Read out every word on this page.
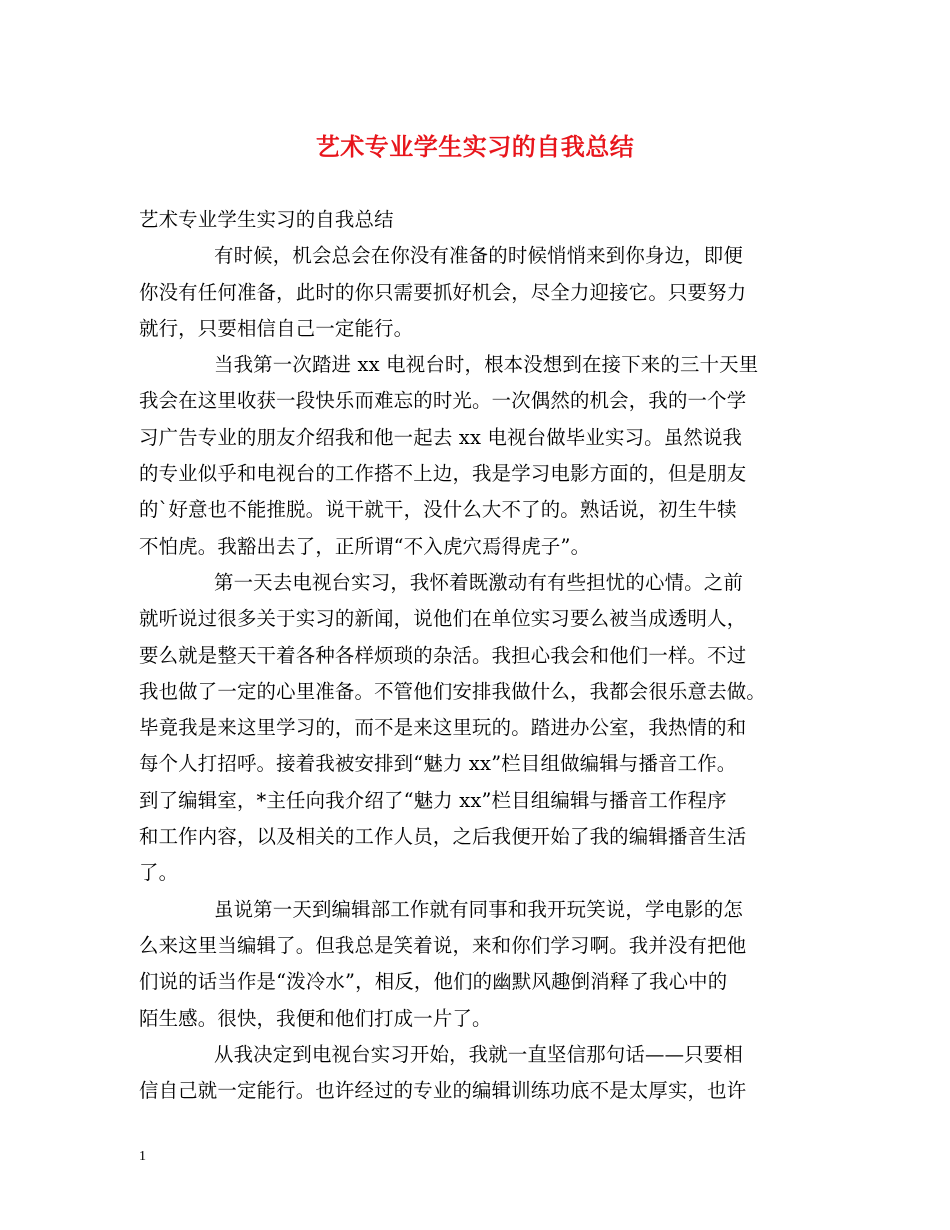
艺术专业学生实习的自我总结
艺术专业学生实习的自我总结
有时候，机会总会在你没有准备的时候悄悄来到你身边，即便
你没有任何准备，此时的你只需要抓好机会，尽全力迎接它。只要努力
就行，只要相信自己一定能行。
当我第一次踏进 xx 电视台时，根本没想到在接下来的三十天里
我会在这里收获一段快乐而难忘的时光。一次偶然的机会，我的一个学
习广告专业的朋友介绍我和他一起去 xx 电视台做毕业实习。虽然说我
的专业似乎和电视台的工作搭不上边，我是学习电影方面的，但是朋友
的`好意也不能推脱。说干就干，没什么大不了的。熟话说，初生牛犊
不怕虎。我豁出去了，正所谓“不入虎穴焉得虎子”。
第一天去电视台实习，我怀着既激动有有些担忧的心情。之前
就听说过很多关于实习的新闻，说他们在单位实习要么被当成透明人，
要么就是整天干着各种各样烦琐的杂活。我担心我会和他们一样。不过
我也做了一定的心里准备。不管他们安排我做什么，我都会很乐意去做。
毕竟我是来这里学习的，而不是来这里玩的。踏进办公室，我热情的和
每个人打招呼。接着我被安排到“魅力 xx”栏目组做编辑与播音工作。
到了编辑室，*主任向我介绍了“魅力 xx”栏目组编辑与播音工作程序
和工作内容，以及相关的工作人员，之后我便开始了我的编辑播音生活
了。
虽说第一天到编辑部工作就有同事和我开玩笑说，学电影的怎
么来这里当编辑了。但我总是笑着说，来和你们学习啊。我并没有把他
们说的话当作是“泼冷水”，相反，他们的幽默风趣倒消释了我心中的
陌生感。很快，我便和他们打成一片了。
从我决定到电视台实习开始，我就一直坚信那句话——只要相
信自己就一定能行。也许经过的专业的编辑训练功底不是太厚实，也许
1
